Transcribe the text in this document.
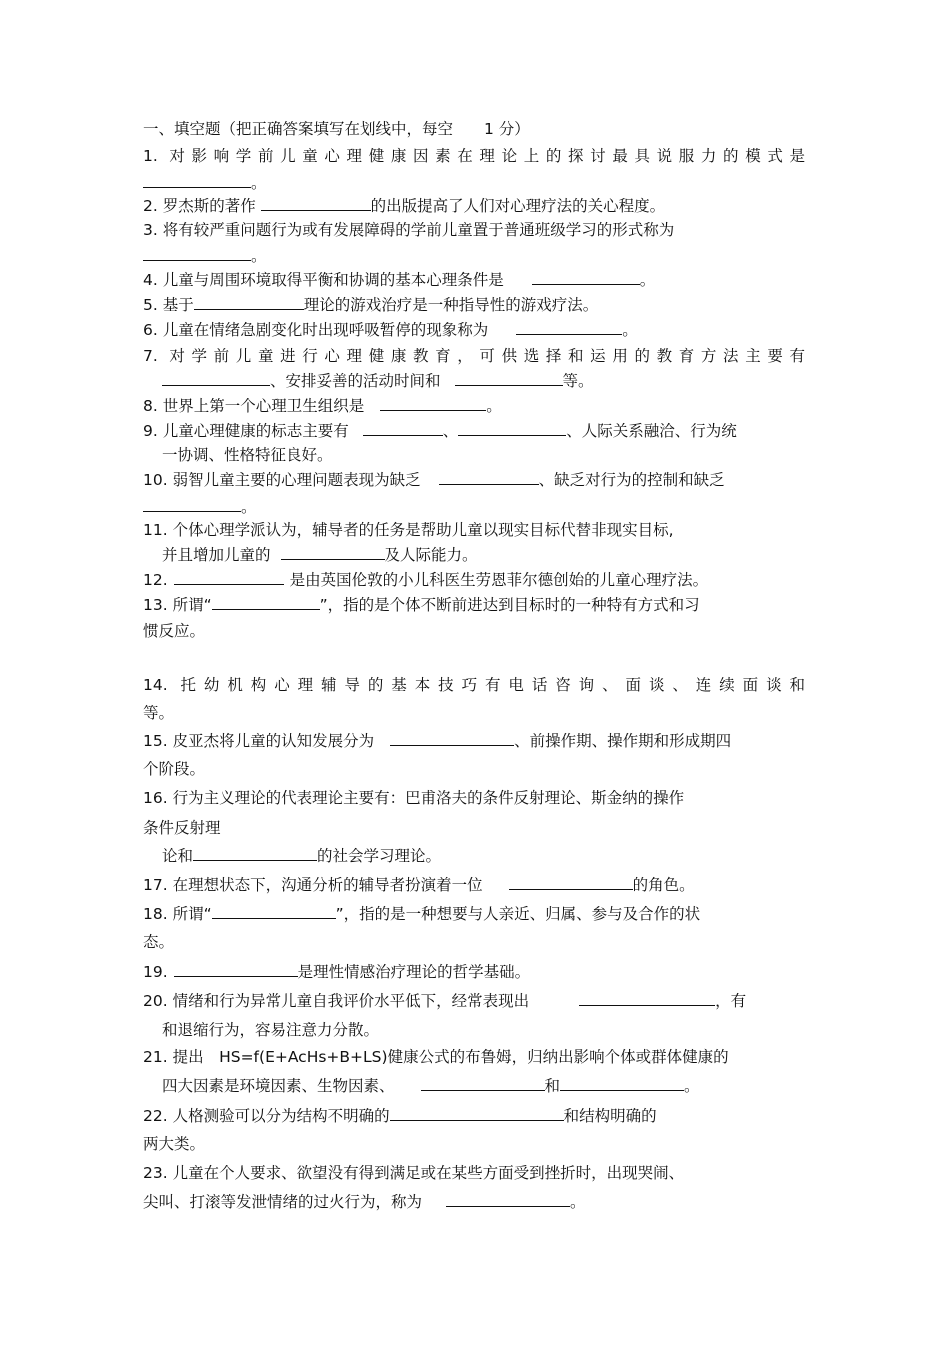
一、填空题（把正确答案填写在划线中，每空　　1 分）
1. 对影响学前儿童心理健康因素在理论上的探讨最具说服力的模式是
。
2. 罗杰斯的著作	的出版提高了人们对心理疗法的关心程度。
3. 将有较严重问题行为或有发展障碍的学前儿童置于普通班级学习的形式称为
。
4. 儿童与周围环境取得平衡和协调的基本心理条件是	。
5. 基于	理论的游戏治疗是一种指导性的游戏疗法。
6. 儿童在情绪急剧变化时出现呼吸暂停的现象称为	。
7. 对学前儿童进行心理健康教育，可供选择和运用的教育方法主要有
、安排妥善的活动时间和	等。
8. 世界上第一个心理卫生组织是	。
9. 儿童心理健康的标志主要有	、	、人际关系融洽、行为统
一协调、性格特征良好。
10. 弱智儿童主要的心理问题表现为缺乏	、缺乏对行为的控制和缺乏
。
11. 个体心理学派认为，辅导者的任务是帮助儿童以现实目标代替非现实目标,
并且增加儿童的	及人际能力。
12.	是由英国伦敦的小儿科医生劳恩菲尔德创始的儿童心理疗法。
13. 所谓“	”，指的是个体不断前进达到目标时的一种特有方式和习
惯反应。
14. 托幼机构心理辅导的基本技巧有电话咨询、面谈、连续面谈和
等。
15. 皮亚杰将儿童的认知发展分为	、前操作期、操作期和形成期四
个阶段。
16. 行为主义理论的代表理论主要有：巴甫洛夫的条件反射理论、斯金纳的操作
条件反射理
论和	的社会学习理论。
17. 在理想状态下，沟通分析的辅导者扮演着一位	的角色。
18. 所谓“	”，指的是一种想要与人亲近、归属、参与及合作的状
态。
19.	是理性情感治疗理论的哲学基础。
20. 情绪和行为异常儿童自我评价水平低下，经常表现出	，有
和退缩行为，容易注意力分散。
21. 提出　HS=f(E+AcHs+B+LS)健康公式的布鲁姆，归纳出影响个体或群体健康的
四大因素是环境因素、生物因素、	和	。
22. 人格测验可以分为结构不明确的	和结构明确的
两大类。
23. 儿童在个人要求、欲望没有得到满足或在某些方面受到挫折时，出现哭闹、
尖叫、打滚等发泄情绪的过火行为，称为	。
